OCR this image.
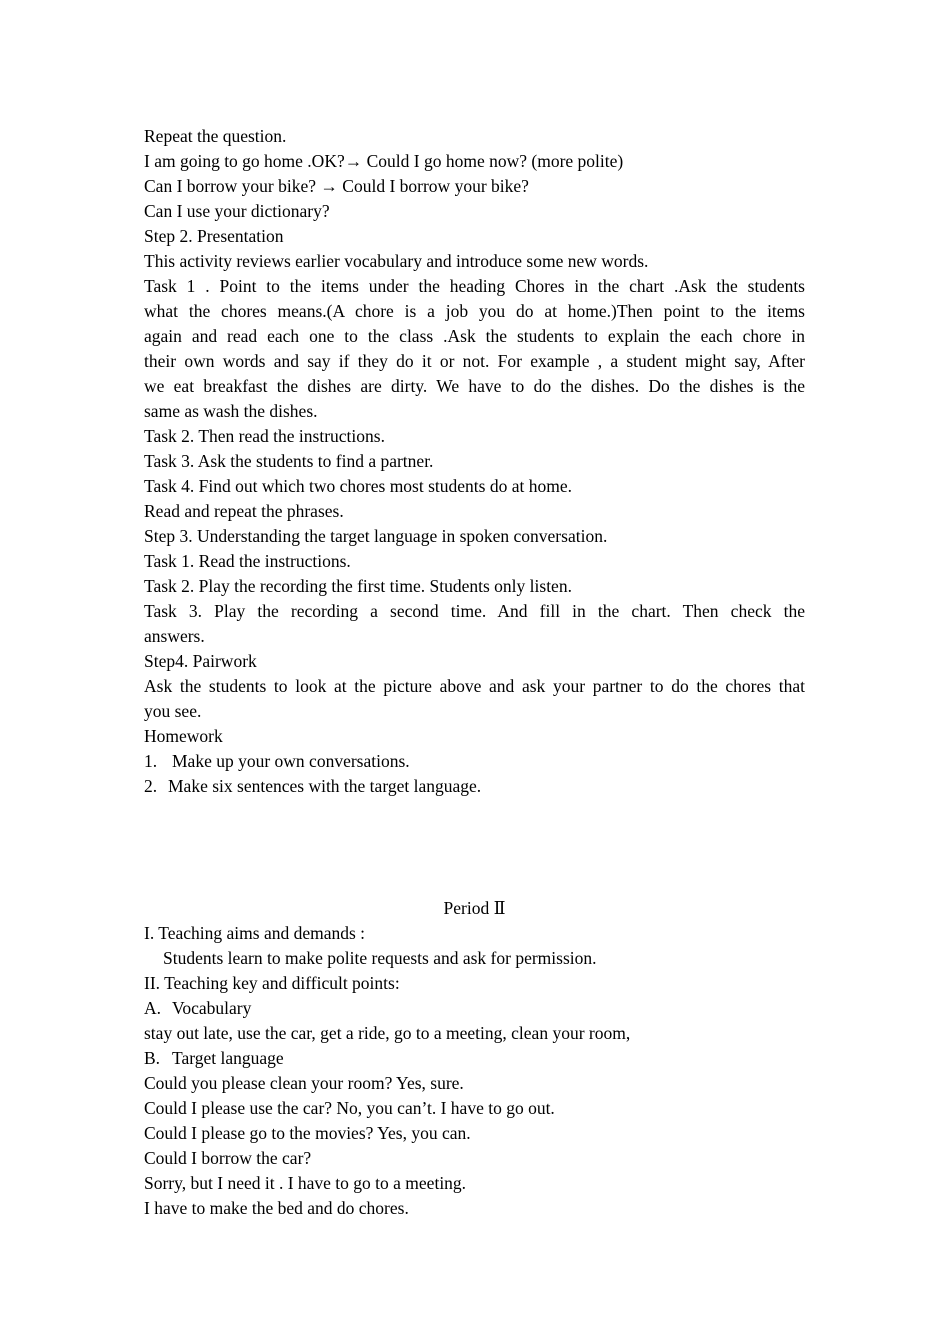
Repeat the question.
I am going to go home .OK?→ Could I go home now? (more polite)
Can I borrow your bike? → Could I borrow your bike?
Can I use your dictionary?
Step 2. Presentation
This activity reviews earlier vocabulary and introduce some new words.
Task 1 . Point to the items under the heading Chores in the chart .Ask the students
what the chores means.(A chore is a job you do at home.)Then point to the items
again and read each one to the class .Ask the students to explain the each chore in
their own words and say if they do it or not. For example , a student might say, After
we eat breakfast the dishes are dirty. We have to do the dishes. Do the dishes is the
same as wash the dishes.
Task 2. Then read the instructions.
Task 3. Ask the students to find a partner.
Task 4. Find out which two chores most students do at home.
Read and repeat the phrases.
Step 3. Understanding the target language in spoken conversation.
Task 1. Read the instructions.
Task 2. Play the recording the first time. Students only listen.
Task 3. Play the recording a second time. And fill in the chart. Then check the
answers.
Step4. Pairwork
Ask the students to look at the picture above and ask your partner to do the chores that
you see.
Homework
1. Make up your own conversations.
2. Make six sentences with the target language.
Period Ⅱ
I. Teaching aims and demands :
Students learn to make polite requests and ask for permission.
II. Teaching key and difficult points:
A. Vocabulary
stay out late, use the car, get a ride, go to a meeting, clean your room,
B. Target language
Could you please clean your room? Yes, sure.
Could I please use the car? No, you can’t. I have to go out.
Could I please go to the movies? Yes, you can.
Could I borrow the car?
Sorry, but I need it . I have to go to a meeting.
I have to make the bed and do chores.
